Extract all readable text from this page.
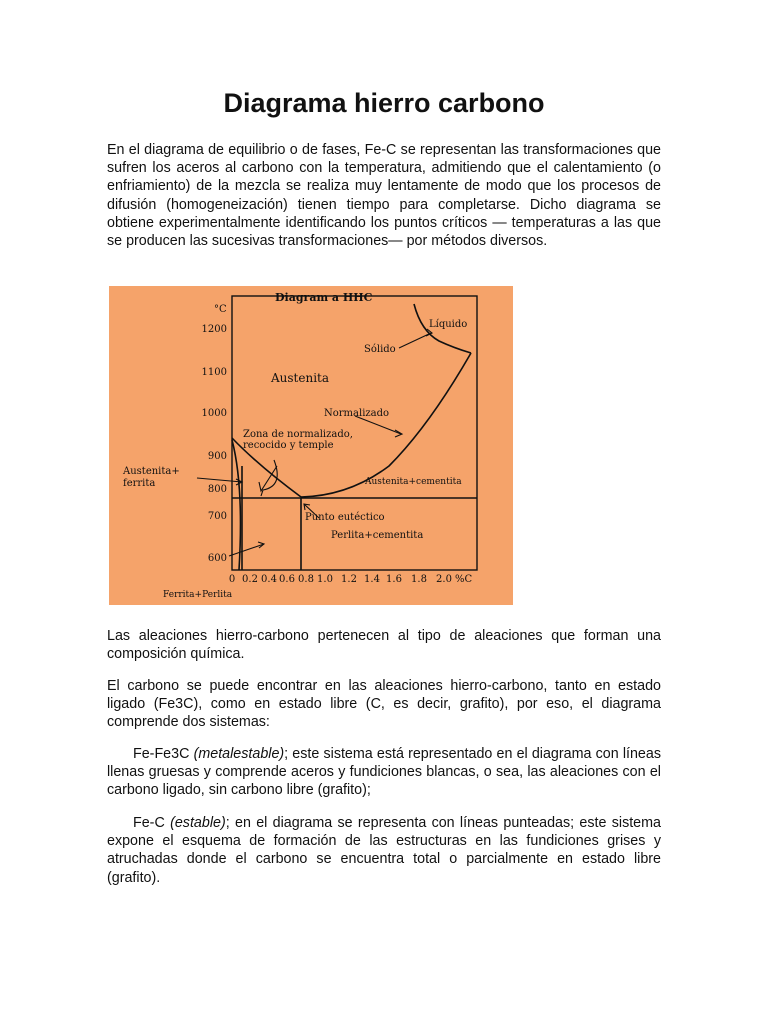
Diagrama hierro carbono

En el diagrama de equilibrio o de fases, Fe-C se representan las transformaciones que sufren los aceros al carbono con la temperatura, admitiendo que el calentamiento (o enfriamiento) de la mezcla se realiza muy lentamente de modo que los procesos de difusión (homogeneización) tienen tiempo para completarse. Dicho diagrama se obtiene experimentalmente identificando los puntos críticos — temperaturas a las que se producen las sucesivas transformaciones— por métodos diversos.

Diagram a HHC
°C
1200
1100
1000
900
800
700
600
0 0.2 0.4 0.6 0.8 1.0 1.2 1.4 1.6 1.8 2.0 %C
Líquido
Sólido
Austenita
Normalizado
Zona de normalizado,
recocido y temple
Austenita+
ferrita	Austenita+cementita
Punto eutéctico
Perlita+cementita
Ferrita+Perlita

Las aleaciones hierro-carbono pertenecen al tipo de aleaciones que forman una composición química.

El carbono se puede encontrar en las aleaciones hierro-carbono, tanto en estado ligado (Fe3C), como en estado libre (C, es decir, grafito), por eso, el diagrama comprende dos sistemas:

Fe-Fe3C (metalestable); este sistema está representado en el diagrama con líneas llenas gruesas y comprende aceros y fundiciones blancas, o sea, las aleaciones con el carbono ligado, sin carbono libre (grafito);

Fe-C (estable); en el diagrama se representa con líneas punteadas; este sistema expone el esquema de formación de las estructuras en las fundiciones grises y atruchadas donde el carbono se encuentra total o parcialmente en estado libre (grafito).
